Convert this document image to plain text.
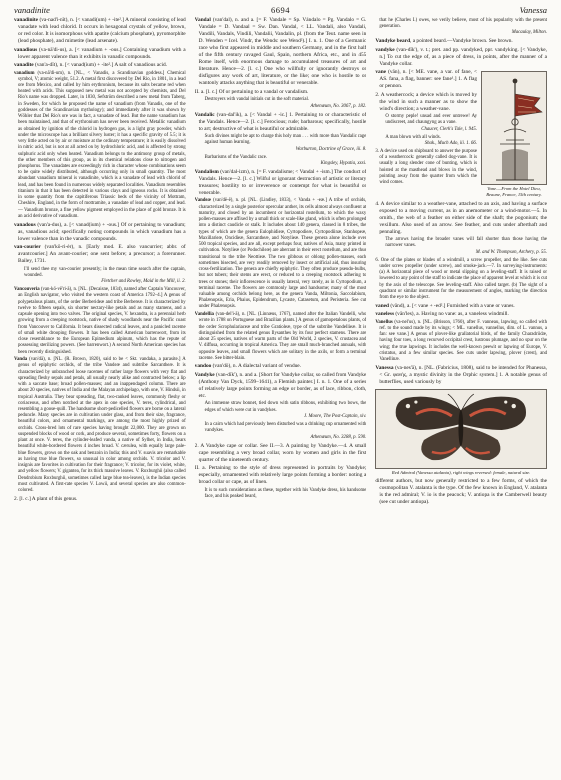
vanadinite	6694	Vanessa

vanadinite (va-nad'i-nīt), n. [< vanadi(um) + -ite².] A mineral consisting of lead vanadate with lead chlorid. It occurs in hexagonal crystals of yellow, brown, or red color. It is isomorphous with apatite (calcium phosphate), pyromorphite (lead phosphate), and mimetite (lead arsenate).

vanadious (va-nā'di-us), a. [< vanadium + -ous.] Containing vanadium with a lower apparent valence than it exhibits in vanadic compounds.

vanadite (van'a-dīt), n. [< vanad(ium) + -ite².] A salt of vanadious acid.

vanadium (va-nā'di-um), n. [NL., < Vanadis, a Scandinavian goddess.] Chemical symbol, V; atomic weight, 51.2. A metal first discovered by Del Rio, in 1801, in a lead ore from Mexico, and called by him erythronium, because its salts became red when heated with acids. This supposed new metal was not accepted by chemists, and Del Rio's name was dropped. Later, in 1830, Sefström described a new metal from Taberg, in Sweden, for which he proposed the name of vanadium (from Vanadis, one of the goddesses of the Scandinavian mythology); and immediately after it was shown by Wöhler that Del Rio's ore was in fact, a vanadate of lead. But the name vanadium has been maintained, and that of erythronium has never been received. Metallic vanadium as obtained by ignition of the chlorid in hydrogen gas, is a light gray powder, which under the microscope has a brilliant silvery luster; it has a specific gravity of 5.5; it is very little acted on by air or moisture at the ordinary temperature; it is easily dissolved in nitric acid, but is not at all acted on by hydrochloric acid, and is affected by strong sulphuric acid only when heated. Vanadium belongs to the antimony group of metals, the other members of this group, as in its chemical relations close to nitrogen and phosphorus. The vanadates are exceedingly rich in character whose combinations seem to be quite widely distributed, although occurring only in small quantity. The most abundant vanadium mineral is vanadinite, which is a vanadate of lead with chlorid of lead, and has been found in numerous widely separated localities. Vanadium resembles titanium in that it has been detected in various clays and igneous rocks. It is obtained in some quantity from the capitiferous Triassic beds of the vicinity of Mottram, Cheshire, England, in the form of mottramite, a vanadate of lead and copper, and lead. — Vanadium bronze, a fine yellow pigment employed in the place of gold bronze. It is an acid derivative of vanadium.

vanadous (van'a-dus), a. [< vanad(ium) + -ous.] Of or pertaining to vanadium; as, vanadious acid; specifically noting compounds in which vanadium has a lower valence than in the vanadic compounds.

van-courier (van'kō-ri-ėr), n. [Early mod. E. also vancurrier; abbr. of avantcourier.] An avant-courier; one sent before; a precursor; a forerunner. Bailey, 1731.

I'll send thee my van-courier presently; in the mean time search after the captain, wounded.
Fletcher and Rowley, Maid in the Mill, ii. 2.

Vancouveria (van-kö-vē'ri-ä), n. [NL. (Decaisne, 1834), named after Captain Vancouver, an English navigator, who visited the western coast of America 1792–4.] A genus of polypetalous plants, of the order Berberideæ and tribe Berbereæ. It is characterized by twelve to fifteen sepals, six shorter nectary-like petals and as many stamens, and a capsule opening into two valves. The original species, V. hexandra, is a perennial herb growing from a creeping rootstock, native of shady woodlands near the Pacific coast from Vancouver to California. It bears dissected radical leaves, and a panicled raceme of small white drooping flowers. It has been called American barrenwort, from its close resemblance to the European Epimedium alpinum, which has the repute of possessing sterilizing powers. (See barrenwort.) A second North American species has been recently distinguished.

Vanda (van'dä), n. [NL. (R. Brown, 1820), said to be < Skt. vandaka, a parasite.] A genus of epiphytic orchids, of the tribe Vandeæ and subtribe Sarcantheæ. It is characterized by unbranched loose racemes of rather large flowers with very flat and spreading fleshy sepals and petals, all usually nearly alike and contracted below; a lip with a saccate base; broad pollen-masses; and an inappendaged column. There are about 20 species, natives of India and the Malayan archipelago, with one, V. Hindsii, in tropical Australia. They bear spreading, flat, two-ranked leaves, commonly fleshy or coriaceous, and often notched at the apex in one species, V. teres, cylindrical, and resembling a goose-quill. The handsome short-pedicelled flowers are borne on a lateral peduncle. Many species are in cultivation under glass, and from their size, fragrance, beautiful colors, and ornamental markings, are among the most highly prized of orchids. Cross-bred lots of rare species having brought 22,000. They are grown on suspended blocks of wood or cork, and produce several, sometimes forty, flowers on a plant at once. V. teres, the cylinder-leafed vanda, a native of Sylhet, in India, bears beautiful white-bordered flowers 4 inches broad. V. cærulea, with equally large pale-blue flowers, grows on the oak and benzoin in India; this and V. suavis are remarkable as having true blue flowers, so unusual in color among orchids. V. tricolor and V. insignis are favorites in cultivation for their fragrance; V. tricolor, for its violet, white, and yellow flowers; V. gigantea, for its thick massive leaves. V. Roxburghii (also called Dendrobium Roxburghii, sometimes called large blue tea-leaves), is the Indian species most cultivated. A first-rate species V. Lowii, and several species are also common-colored.

2. [l. c.] A plant of this genus.

Vandal (van'dal), n. and a. [= F. Vandale = Sp. Vándalo = Pg. Vandalo = G. Vandale = D. Vandaal = Sw. Dan. Vandal, < LL. Vandali, also Vandali, Vandili, Vandals, Vindili, Vandalii, Vandalin, pl. (from the Teut. name seen in D. Wenden = Icel. Vindr, the Wends: see Wend²).] I. n. 1. One of a Germanic race who first appeared in middle and southern Germany, and in the first half of the fifth century ravaged Gaul, Spain, northern Africa, etc., and in 455 Rome itself, with enormous damage to accumulated treasures of art and literature. Hence—2. [l. c.] One who willfully or ignorantly destroys or disfigures any work of art, literature, or the like; one who is hostile to or wantonly attacks anything that is beautiful or venerable.

II. a. [l. c.] Of or pertaining to a vandal or vandalism.

Destroyers with vandal initials cut in the soft material.
Athenæum, No. 3067, p. 182.

Vandalic (van-dal'ik), a. [< Vandal + -ic.] 1. Pertaining to or characteristic of the Vandals. Hence—2. [l. c.] Ferocious; rude; barbarous; specifically, hostile to art; destructive of what is beautiful or admirable.

Such divines might be apt to charge this holy man . . . with more than Vandalic rage against human learning.
Warburton, Doctrine of Grace, iii. 8.
Barbarisms of the Vandalic race.
Kingsley, Hypatia, xxxi.

Vandalism (van'dal-izm), n. [= F. vandalisme; < Vandal + -ism.] The conduct of Vandals. Hence—2. [l. c.] Wilful or ignorant destruction of artistic or literary treasures; hostility to or irreverence or contempt for what is beautiful or venerable.

Vandeæ (van'dē-ē), n. pl. [NL. (Lindley, 1833), < Vanda + -eæ.] A tribe of orchids, characterized by a single posterior opercular anther, its cells almost always confluent at maturity, and closed by an incumbent or horizontal rostellum, to which the waxy pollen-masses are affixed by a small thick or scale-like gland, which is often prolonged into a distinct caudicle or stalk. It includes about 140 genera, classed in 8 tribes, the types of which are the genera Eulophidieæ, Cyrtopodieæ, Cyrtopodiinæ, Stanhopeæ, Maxillarieæ, Oncidieæ, Sarcantheæ, and Notylieæ. These genera alone include over 500 tropical species, and are all, except perhaps four, natives of Asia, many printed in cultivation. Notylieæ (or Podochileæ) are aberrant in their erect rostellum, and are thus transitional to the tribe Neottieæ. The two gibbous or oblong pollen-masses, each sometimes bisected, are very readily removed by insect or artificial aid, thus insuring cross-fertilization. The genera are chiefly epiphytic. They often produce pseudo-bulbs, but not tubers; their stems are erect, or reduced to a creeping rootstock adhering to trees or stones; their inflorescence is usually lateral, very rarely, as in Cyrtopodium, a terminal raceme. The flowers are commonly large and handsome; many of the most valuable among orchids belong here, as the genera Vanda, Miltonia, Saccolabium, Phalænopsis, Eria, Phaius, Epidendrum, Lycaste, Catasetum, and Peristeria. See cut under Phalænopsis.

Vandellia (van-del'i-ä), n. [NL. (Linnæus, 1767), named after the Italian Vandelli, who wrote in 1788 on Portuguese and Brazilian plants.] A genus of gamopetalous plants, of the order Scrophulariaceæ and tribe Gratioleæ, type of the subtribe Vandellieæ. It is distinguished from the related genus Ilysanthes by its four perfect stamens. There are about 25 species, natives of warm parts of the Old World, 2 species, V. crustacea and V. diffusa, occurring in tropical America. They are small much-branched annuals, with opposite leaves, and small flowers which are solitary in the axils, or form a terminal raceme. See bitter-blain.

vandoo (van'dö), n. A dialectal variant of vendue.

Vandyke (van-dīk'), n. and a. [Short for Vandyke collar, so called from Vandyke (Anthony Van Dyck, 1599–1641), a Flemish painter.] I. n. 1. One of a series of relatively large points forming an edge or border, as of lace, ribbon, cloth, etc.

An immense straw bonnet, tied down with satin ribbons, exhibiting two bows, the edges of which were cut in vandykes.
J. Moore, The Post-Captain, xiv.
In a cairn which had previously been disturbed was a drinking cup ornamented with vandykes.
Athenæum, No. 3288, p. 590.

2. A Vandyke cape or collar. See II.—3. A painting by Vandyke.—4. A small cape resembling a very broad collar, worn by women and girls in the first quarter of the nineteenth century.

II. a. Pertaining to the style of dress represented in portraits by Vandyke; especially, ornamented with relatively large points forming a border: noting a broad collar or cape, as of linen.

It is to such considerations as these, together with his Vandyke dress, his handsome face, and his peaked beard,
that he (Charles I.) owes, we verily believe, most of his popularity with the present generation.
Macaulay, Milton.

Vandyke beard, a pointed beard.—Vandyke brown. See brown.

vandyke (van-dīk'), v. t.; pret. and pp. vandyked, ppr. vandyking. [< Vandyke, n.] To cut the edge of, as a piece of dress, in points, after the manner of a Vandyke collar.

Vane.—From the Hotel Dieu, Beaune, France, 15th century.

vane (vān), n. [< ME. vane, a var. of fane, < AS. fana, a flag, banner: see fane¹.] 1. A flag or pennon.

2. A weathercock; a device which is moved by the wind in such a manner as to show the wind's direction; a weather-vane.

O stormy peple! unsad and ever untrewe! Ay undiscreet, and chaungyng as a vane.
Chaucer, Clerk's Tale, l. 945.
A man blown with all winds.
Shak., Much Ado, iii. 1. 66.

3. A device used on shipboard to answer the purpose of a weathercock: generally called dog-vane. It is usually a long slender cone of bunting, which is hoisted at the masthead and blows in the wind, pointing away from the quarter from which the wind comes.

4. A device similar to a weather-vane, attached to an axis, and having a surface exposed to a moving current, as in an anemometer or a wind-motor.—5. In ornith., the web of a feather on either side of the shaft; the pogonium; the vexillum. Also used of an arrow. See feather, and cuts under afterthaft and pennaling.

The arrows having the broader vanes will fall shorter than those having the narrower vanes.
M. and W. Thompson, Archery, p. 55.

6. One of the plates or blades of a windmill, a screw propeller, and the like. See cuts under screw propeller (under screw), and smoke-jack.—7. In surveying-instruments: (a) A horizontal piece of wood or metal slipping on a leveling-staff. It is raised or lowered to any point of the staff to indicate the place of apparent level at which it is cut by the axis of the telescope. See leveling-staff. Also called target. (b) The sight of a quadrant or similar instrument for the measurement of angles, marking the direction from the eye to the object.

vaned (vānd), a. [< vane + -ed².] Furnished with a vane or vanes.

vaneless (vān'les), a. Having no vane: as, a vaneless windmill.

Vanellus (va-nel'us), n. [NL. (Brisson, 1760), after F. vanneau, lapwing, so called with ref. to the sound made by its wings; < ML. vanellus, vannellus, dim. of L. vannus, a fan: see vane.] A genus of plover-like grallatorial birds, of the family Charadriidæ, having four toes, a long recurved occipital crest, lustrous plumage, and no spur on the wing; the true lapwings. It includes the well-known peewit or lapwing of Europe, V. cristatus, and a few similar species. See cuts under lapwing, plover (crest), and Vanellinæ.

Vanessa (va-nes'ä), n. [NL. (Fabricius, 1808), said to be intended for Phanessa, < Gr. φανής, a mystic divinity in the Orphic system.] 1. A notable genus of butterflies, used variously by

Red Admiral (Vanessa atalanta), right wings reversed: female, natural size.

different authors, but now generally restricted to a few forms, of which the cosmopolitan V. atalanta is the type. Of the few known in England, V. atalanta is the red admiral; V. io is the peacock; V. antiopa is the Camberwell beauty (see cut under antiopa).
